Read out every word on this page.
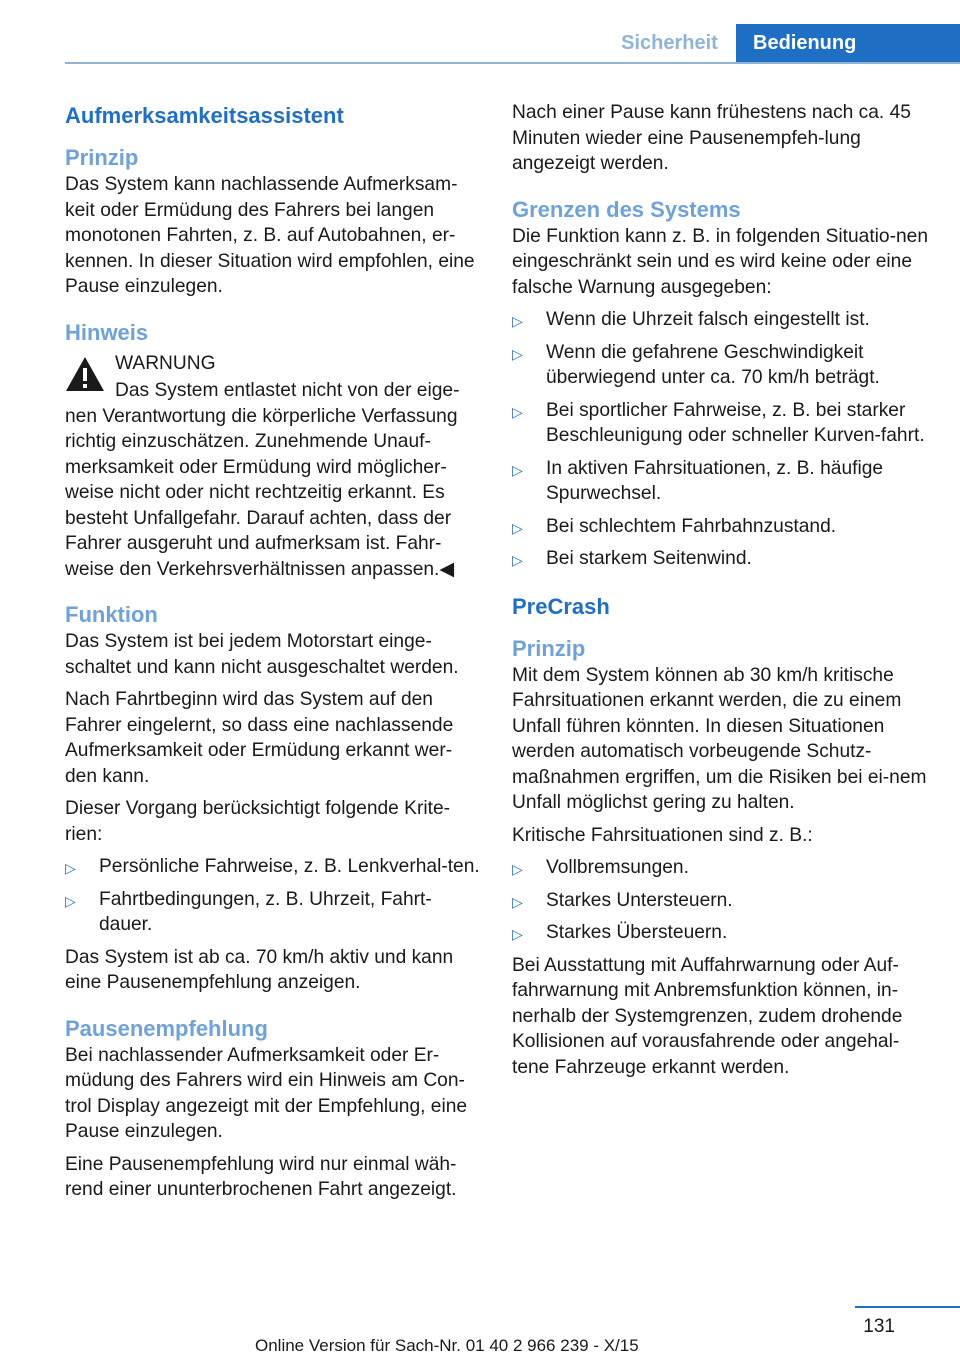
Sicherheit	Bedienung
Aufmerksamkeitsassistent
Prinzip

Das System kann nachlassende Aufmerksam-keit oder Ermüdung des Fahrers bei langen monotonen Fahrten, z. B. auf Autobahnen, er-kennen. In dieser Situation wird empfohlen, eine Pause einzulegen.

Hinweis

WARNUNG

Das System entlastet nicht von der eige-

nen Verantwortung die körperliche Verfassung richtig einzuschätzen. Zunehmende Unauf-merksamkeit oder Ermüdung wird möglicher-weise nicht oder nicht rechtzeitig erkannt. Es besteht Unfallgefahr. Darauf achten, dass der Fahrer ausgeruht und aufmerksam ist. Fahr-weise den Verkehrsverhältnissen anpassen.◀

Funktion

Das System ist bei jedem Motorstart einge-schaltet und kann nicht ausgeschaltet werden.

Nach Fahrtbeginn wird das System auf den Fahrer eingelernt, so dass eine nachlassende Aufmerksamkeit oder Ermüdung erkannt wer-den kann.

Dieser Vorgang berücksichtigt folgende Krite-rien:

▷ Persönliche Fahrweise, z. B. Lenkverhal-ten.
▷ Fahrtbedingungen, z. B. Uhrzeit, Fahrt-dauer.

Das System ist ab ca. 70 km/h aktiv und kann eine Pausenempfehlung anzeigen.

Pausenempfehlung

Bei nachlassender Aufmerksamkeit oder Er-müdung des Fahrers wird ein Hinweis am Con-trol Display angezeigt mit der Empfehlung, eine Pause einzulegen.

Eine Pausenempfehlung wird nur einmal wäh-rend einer ununterbrochenen Fahrt angezeigt.

Nach einer Pause kann frühestens nach ca. 45 Minuten wieder eine Pausenempfeh-lung angezeigt werden.

Grenzen des Systems

Die Funktion kann z. B. in folgenden Situatio-nen eingeschränkt sein und es wird keine oder eine falsche Warnung ausgegeben:

▷ Wenn die Uhrzeit falsch eingestellt ist.
▷ Wenn die gefahrene Geschwindigkeit überwiegend unter ca. 70 km/h beträgt.
▷ Bei sportlicher Fahrweise, z. B. bei starker Beschleunigung oder schneller Kurven-fahrt.
▷ In aktiven Fahrsituationen, z. B. häufige Spurwechsel.
▷ Bei schlechtem Fahrbahnzustand.
▷ Bei starkem Seitenwind.
PreCrash
Prinzip

Mit dem System können ab 30 km/h kritische Fahrsituationen erkannt werden, die zu einem Unfall führen könnten. In diesen Situationen werden automatisch vorbeugende Schutz-maßnahmen ergriffen, um die Risiken bei ei-nem Unfall möglichst gering zu halten.

Kritische Fahrsituationen sind z. B.:

▷ Vollbremsungen.
▷ Starkes Untersteuern.
▷ Starkes Übersteuern.

Bei Ausstattung mit Auffahrwarnung oder Auf-fahrwarnung mit Anbremsfunktion können, in-nerhalb der Systemgrenzen, zudem drohende Kollisionen auf vorausfahrende oder angehal-tene Fahrzeuge erkannt werden.

131
Online Version für Sach-Nr. 01 40 2 966 239 - X/15
